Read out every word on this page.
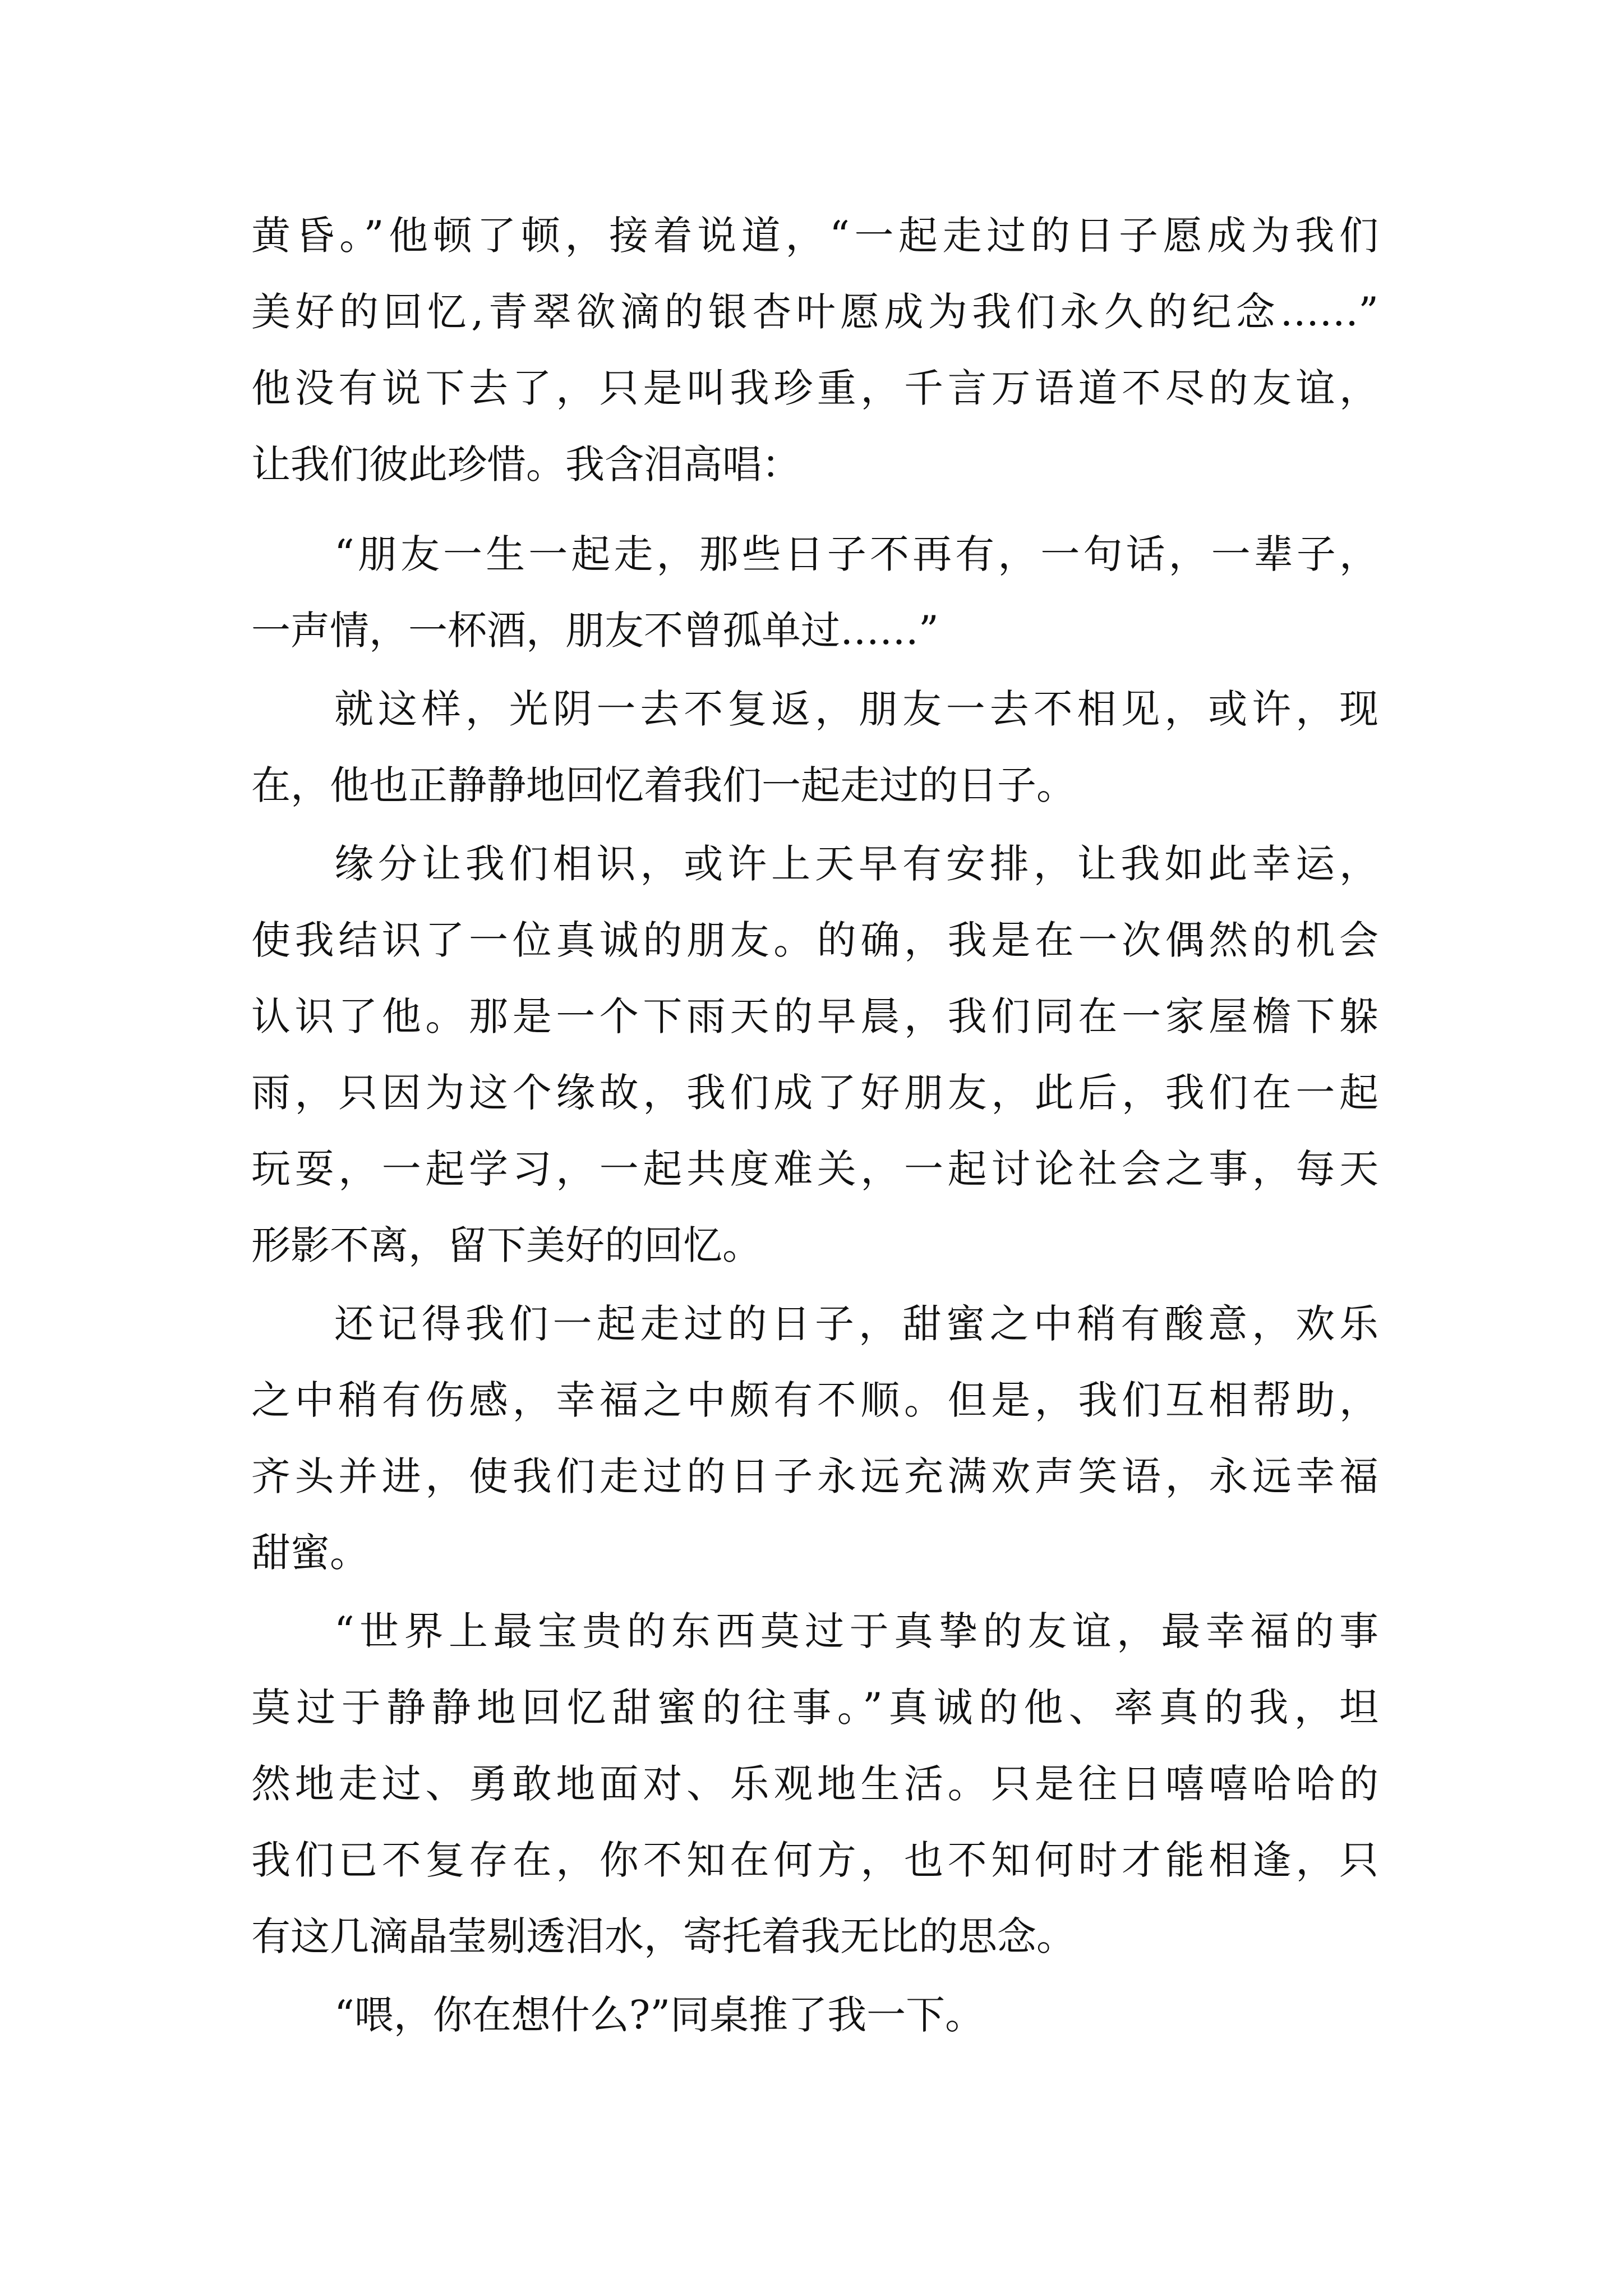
黄昏。”他顿了顿，接着说道，“一起走过的日子愿成为我们
美好的回忆,青翠欲滴的银杏叶愿成为我们永久的纪念……”
他没有说下去了，只是叫我珍重，千言万语道不尽的友谊，
让我们彼此珍惜。我含泪高唱：
“朋友一生一起走，那些日子不再有，一句话，一辈子，
一声情，一杯酒，朋友不曾孤单过……”
就这样，光阴一去不复返，朋友一去不相见，或许，现
在，他也正静静地回忆着我们一起走过的日子。
缘分让我们相识，或许上天早有安排，让我如此幸运，
使我结识了一位真诚的朋友。的确，我是在一次偶然的机会
认识了他。那是一个下雨天的早晨，我们同在一家屋檐下躲
雨，只因为这个缘故，我们成了好朋友，此后，我们在一起
玩耍，一起学习，一起共度难关，一起讨论社会之事，每天
形影不离，留下美好的回忆。
还记得我们一起走过的日子，甜蜜之中稍有酸意，欢乐
之中稍有伤感，幸福之中颇有不顺。但是，我们互相帮助，
齐头并进，使我们走过的日子永远充满欢声笑语，永远幸福
甜蜜。
“世界上最宝贵的东西莫过于真挚的友谊，最幸福的事
莫过于静静地回忆甜蜜的往事。”真诚的他、率真的我，坦
然地走过、勇敢地面对、乐观地生活。只是往日嘻嘻哈哈的
我们已不复存在，你不知在何方，也不知何时才能相逢，只
有这几滴晶莹剔透泪水，寄托着我无比的思念。
“喂，你在想什么?”同桌推了我一下。
